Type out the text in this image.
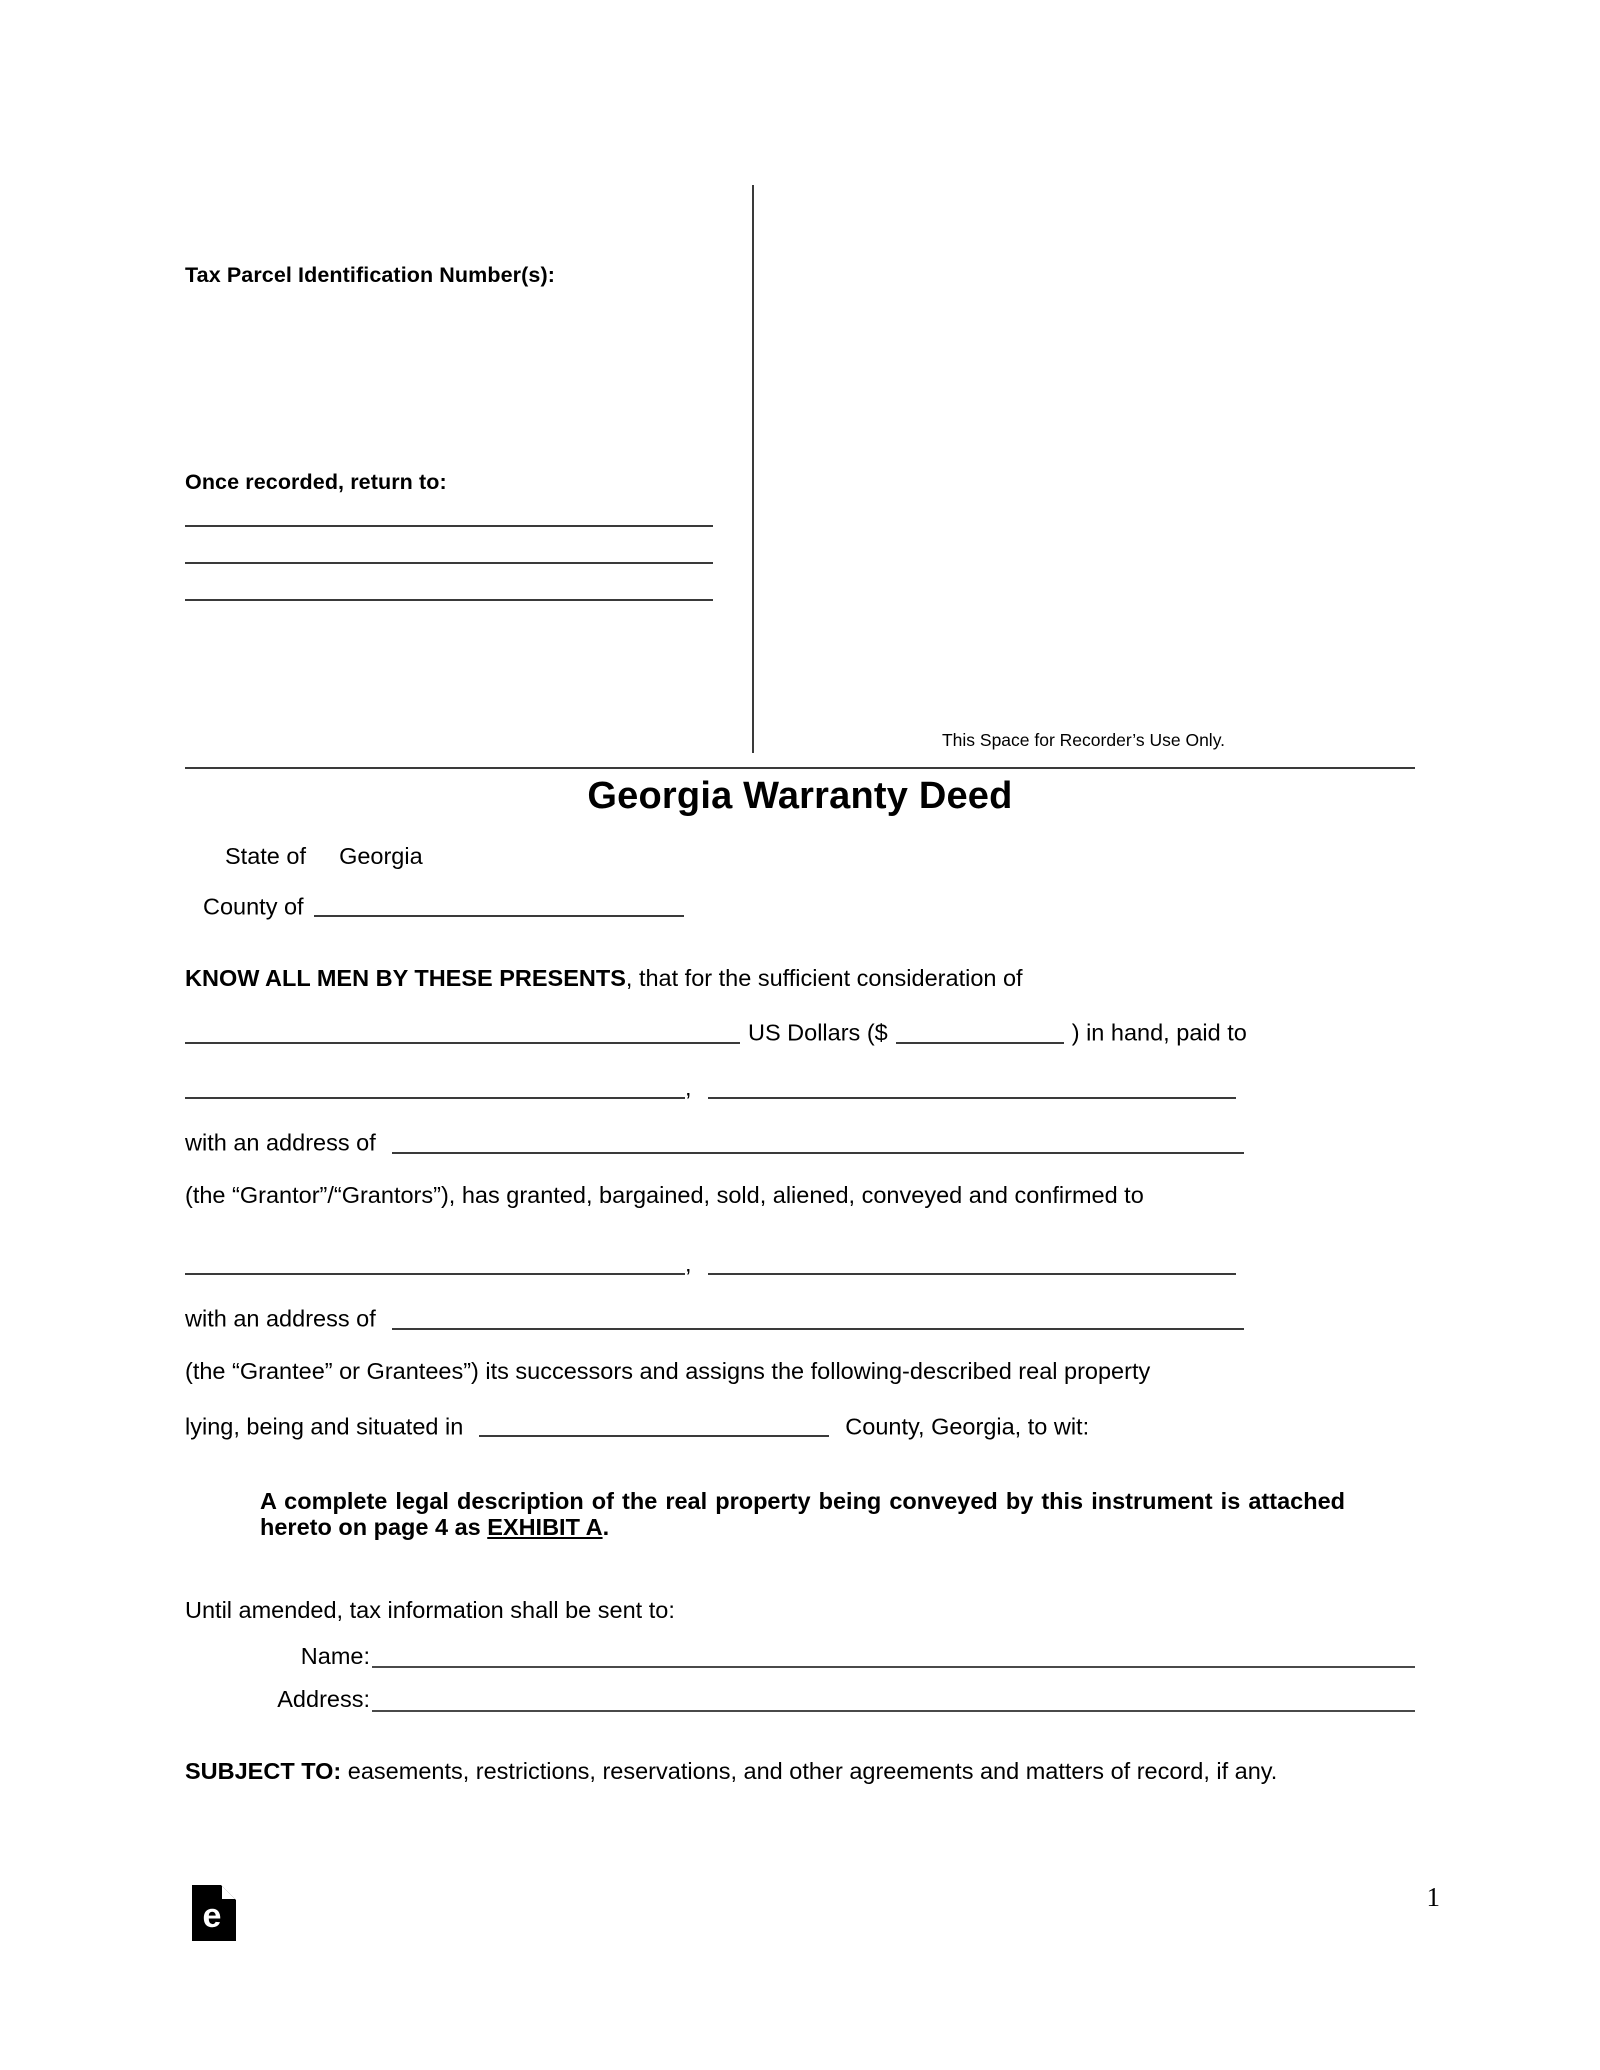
Tax Parcel Identification Number(s):
Once recorded, return to:
This Space for Recorder’s Use Only.
Georgia Warranty Deed
State of Georgia
County of
KNOW ALL MEN BY THESE PRESENTS, that for the sufficient consideration of
US Dollars ($	) in hand, paid to
,
with an address of
(the “Grantor”/“Grantors”), has granted, bargained, sold, aliened, conveyed and confirmed to
,
with an address of
(the “Grantee” or Grantees”) its successors and assigns the following-described real property
lying, being and situated in	County, Georgia, to wit:
A complete legal description of the real property being conveyed by this instrument is attached hereto on page 4 as EXHIBIT A.
Until amended, tax information shall be sent to:
Name:
Address:
SUBJECT TO: easements, restrictions, reservations, and other agreements and matters of record, if any.
e	1
